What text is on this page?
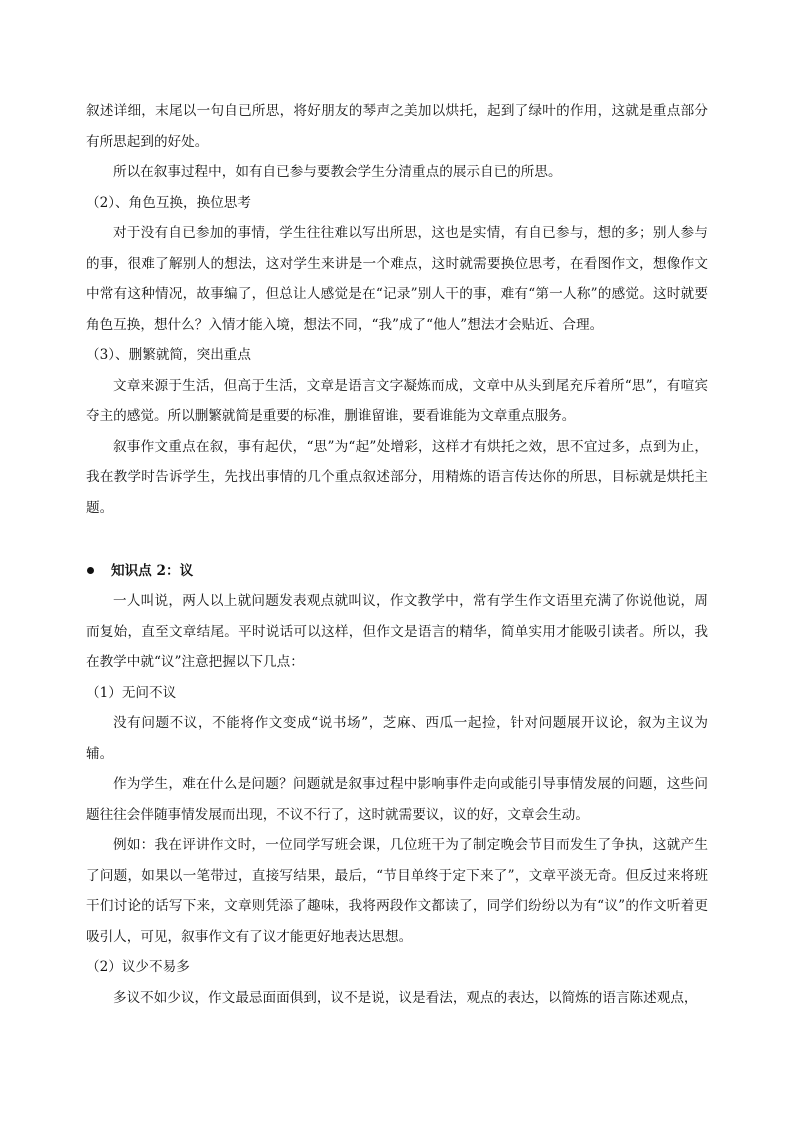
叙述详细，末尾以一句自已所思，将好朋友的琴声之美加以烘托，起到了绿叶的作用，这就是重点部分有所思起到的好处。

所以在叙事过程中，如有自已参与要教会学生分清重点的展示自已的所思。

（2）、角色互换，换位思考

对于没有自已参加的事情，学生往往难以写出所思，这也是实情，有自已参与，想的多；别人参与的事，很难了解别人的想法，这对学生来讲是一个难点，这时就需要换位思考，在看图作文，想像作文中常有这种情况，故事编了，但总让人感觉是在“记录”别人干的事，难有“第一人称”的感觉。这时就要角色互换，想什么？入情才能入境，想法不同，“我”成了“他人”想法才会贴近、合理。

（3）、删繁就简，突出重点

文章来源于生活，但高于生活，文章是语言文字凝炼而成，文章中从头到尾充斥着所“思”，有喧宾夺主的感觉。所以删繁就简是重要的标准，删谁留谁，要看谁能为文章重点服务。

叙事作文重点在叙，事有起伏，“思”为“起”处增彩，这样才有烘托之效，思不宜过多，点到为止，我在教学时告诉学生，先找出事情的几个重点叙述部分，用精炼的语言传达你的所思，目标就是烘托主题。

知识点 2：议

一人叫说，两人以上就问题发表观点就叫议，作文教学中，常有学生作文语里充满了你说他说，周而复始，直至文章结尾。平时说话可以这样，但作文是语言的精华，简单实用才能吸引读者。所以，我在教学中就“议”注意把握以下几点：

（1）无问不议

没有问题不议，不能将作文变成“说书场”，芝麻、西瓜一起捡，针对问题展开议论，叙为主议为辅。

作为学生，难在什么是问题？问题就是叙事过程中影响事件走向或能引导事情发展的问题，这些问题往往会伴随事情发展而出现，不议不行了，这时就需要议，议的好，文章会生动。

例如：我在评讲作文时，一位同学写班会课，几位班干为了制定晚会节目而发生了争执，这就产生了问题，如果以一笔带过，直接写结果，最后，“节目单终于定下来了”，文章平淡无奇。但反过来将班干们讨论的话写下来，文章则凭添了趣味，我将两段作文都读了，同学们纷纷以为有“议”的作文听着更吸引人，可见，叙事作文有了议才能更好地表达思想。

（2）议少不易多

多议不如少议，作文最忌面面俱到，议不是说，议是看法，观点的表达，以简炼的语言陈述观点，
